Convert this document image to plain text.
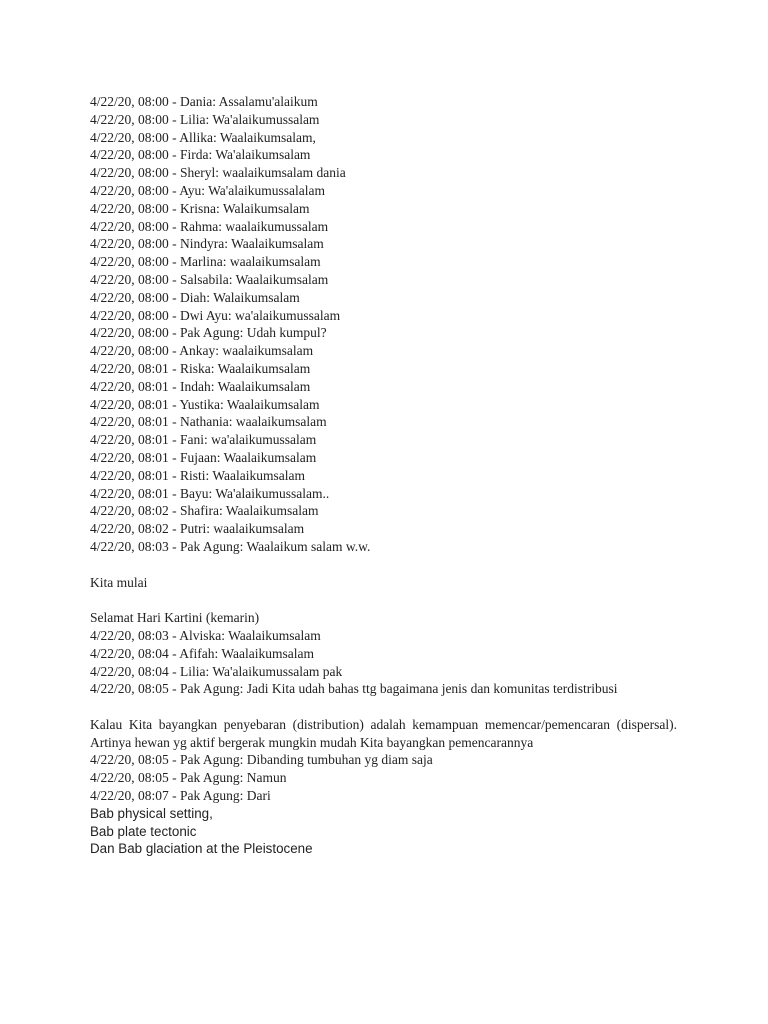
4/22/20, 08:00 - Dania: Assalamu'alaikum
4/22/20, 08:00 - Lilia: Wa'alaikumussalam
4/22/20, 08:00 - Allika: Waalaikumsalam,
4/22/20, 08:00 - Firda: Wa'alaikumsalam
4/22/20, 08:00 - Sheryl: waalaikumsalam dania
4/22/20, 08:00 - Ayu: Wa'alaikumussalalam
4/22/20, 08:00 - Krisna: Walaikumsalam
4/22/20, 08:00 - Rahma: waalaikumussalam
4/22/20, 08:00 - Nindyra: Waalaikumsalam
4/22/20, 08:00 - Marlina: waalaikumsalam
4/22/20, 08:00 - Salsabila: Waalaikumsalam
4/22/20, 08:00 - Diah: Walaikumsalam
4/22/20, 08:00 - Dwi Ayu: wa'alaikumussalam
4/22/20, 08:00 - Pak Agung: Udah kumpul?
4/22/20, 08:00 - Ankay: waalaikumsalam
4/22/20, 08:01 - Riska: Waalaikumsalam
4/22/20, 08:01 - Indah: Waalaikumsalam
4/22/20, 08:01 - Yustika: Waalaikumsalam
4/22/20, 08:01 - Nathania: waalaikumsalam
4/22/20, 08:01 - Fani: wa'alaikumussalam
4/22/20, 08:01 - Fujaan: Waalaikumsalam
4/22/20, 08:01 - Risti: Waalaikumsalam
4/22/20, 08:01 - Bayu: Wa'alaikumussalam..
4/22/20, 08:02 - Shafira: Waalaikumsalam
4/22/20, 08:02 - Putri: waalaikumsalam
4/22/20, 08:03 - Pak Agung: Waalaikum salam w.w.
Kita mulai
Selamat Hari Kartini (kemarin)
4/22/20, 08:03 - Alviska: Waalaikumsalam
4/22/20, 08:04 - Afifah: Waalaikumsalam
4/22/20, 08:04 - Lilia: Wa'alaikumussalam pak
4/22/20, 08:05 - Pak Agung: Jadi Kita udah bahas ttg bagaimana jenis dan komunitas terdistribusi
Kalau Kita bayangkan penyebaran (distribution) adalah kemampuan memencar/pemencaran (dispersal). Artinya hewan yg aktif bergerak mungkin mudah Kita bayangkan pemencarannya
4/22/20, 08:05 - Pak Agung: Dibanding tumbuhan yg diam saja
4/22/20, 08:05 - Pak Agung: Namun
4/22/20, 08:07 - Pak Agung: Dari
Bab physical setting,
Bab plate tectonic
Dan Bab glaciation at the Pleistocene
